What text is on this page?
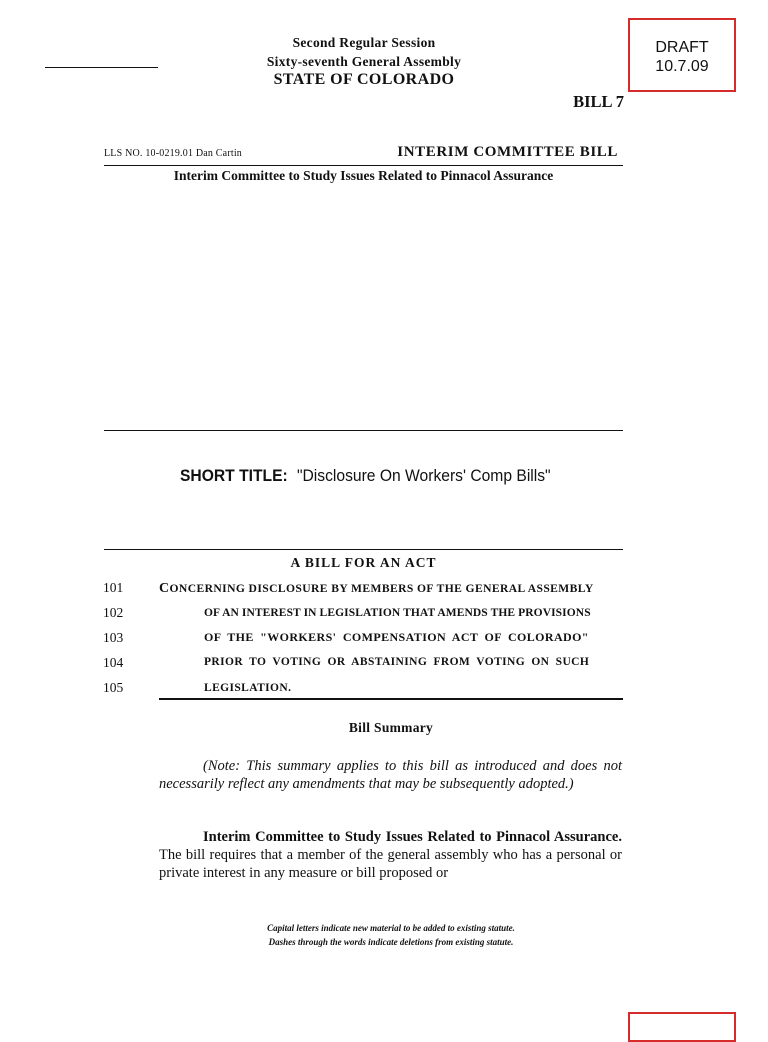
Second Regular Session
Sixty-seventh General Assembly
STATE OF COLORADO
DRAFT
10.7.09
BILL 7
LLS NO. 10-0219.01 Dan Cartin	INTERIM COMMITTEE BILL
Interim Committee to Study Issues Related to Pinnacol Assurance
SHORT TITLE: "Disclosure On Workers' Comp Bills"
A BILL FOR AN ACT
101	CONCERNING DISCLOSURE BY MEMBERS OF THE GENERAL ASSEMBLY
102	OF AN INTEREST IN LEGISLATION THAT AMENDS THE PROVISIONS
103	OF THE "WORKERS' COMPENSATION ACT OF COLORADO"
104	PRIOR TO VOTING OR ABSTAINING FROM VOTING ON SUCH
105	LEGISLATION.
Bill Summary
(Note: This summary applies to this bill as introduced and does not necessarily reflect any amendments that may be subsequently adopted.)
Interim Committee to Study Issues Related to Pinnacol Assurance. The bill requires that a member of the general assembly who has a personal or private interest in any measure or bill proposed or
Capital letters indicate new material to be added to existing statute.
Dashes through the words indicate deletions from existing statute.
